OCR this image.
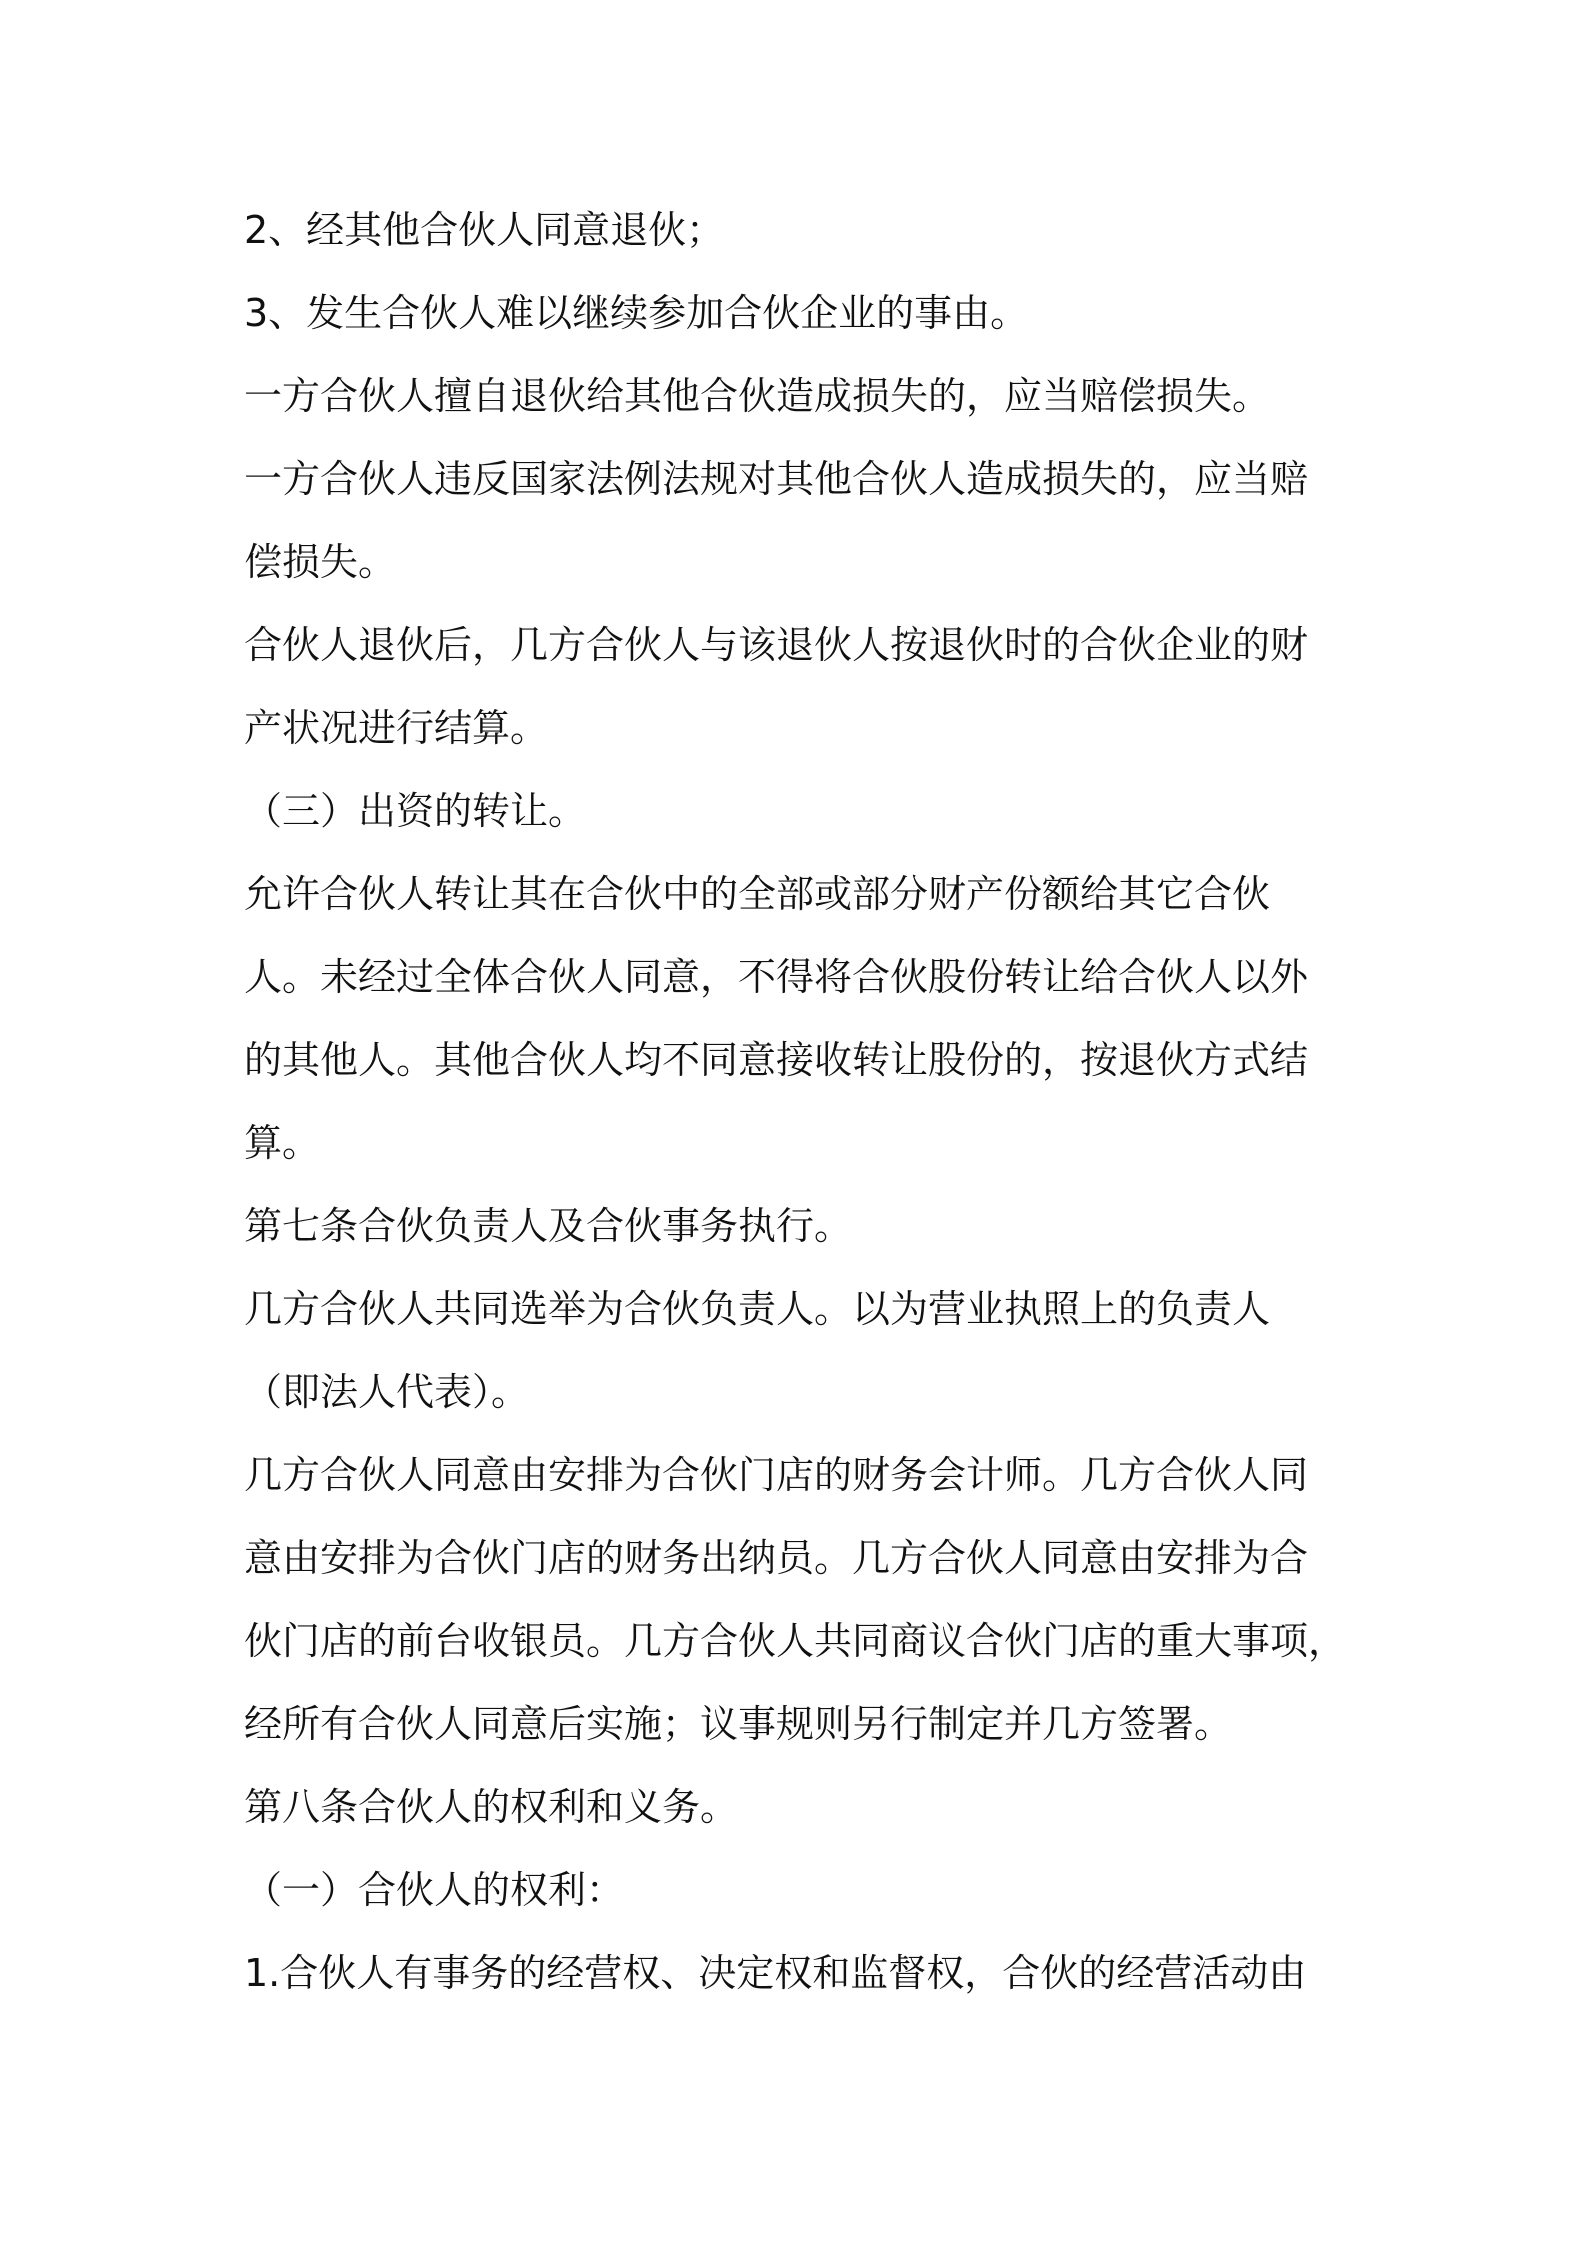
2、经其他合伙人同意退伙；
3、发生合伙人难以继续参加合伙企业的事由。
一方合伙人擅自退伙给其他合伙造成损失的，应当赔偿损失。
一方合伙人违反国家法例法规对其他合伙人造成损失的，应当赔
偿损失。
合伙人退伙后，几方合伙人与该退伙人按退伙时的合伙企业的财
产状况进行结算。
（三）出资的转让。
允许合伙人转让其在合伙中的全部或部分财产份额给其它合伙
人。未经过全体合伙人同意，不得将合伙股份转让给合伙人以外
的其他人。其他合伙人均不同意接收转让股份的，按退伙方式结
算。
第七条合伙负责人及合伙事务执行。
几方合伙人共同选举为合伙负责人。以为营业执照上的负责人
（即法人代表）。
几方合伙人同意由安排为合伙门店的财务会计师。几方合伙人同
意由安排为合伙门店的财务出纳员。几方合伙人同意由安排为合
伙门店的前台收银员。几方合伙人共同商议合伙门店的重大事项，
经所有合伙人同意后实施；议事规则另行制定并几方签署。
第八条合伙人的权利和义务。
（一）合伙人的权利：
1.合伙人有事务的经营权、决定权和监督权，合伙的经营活动由
